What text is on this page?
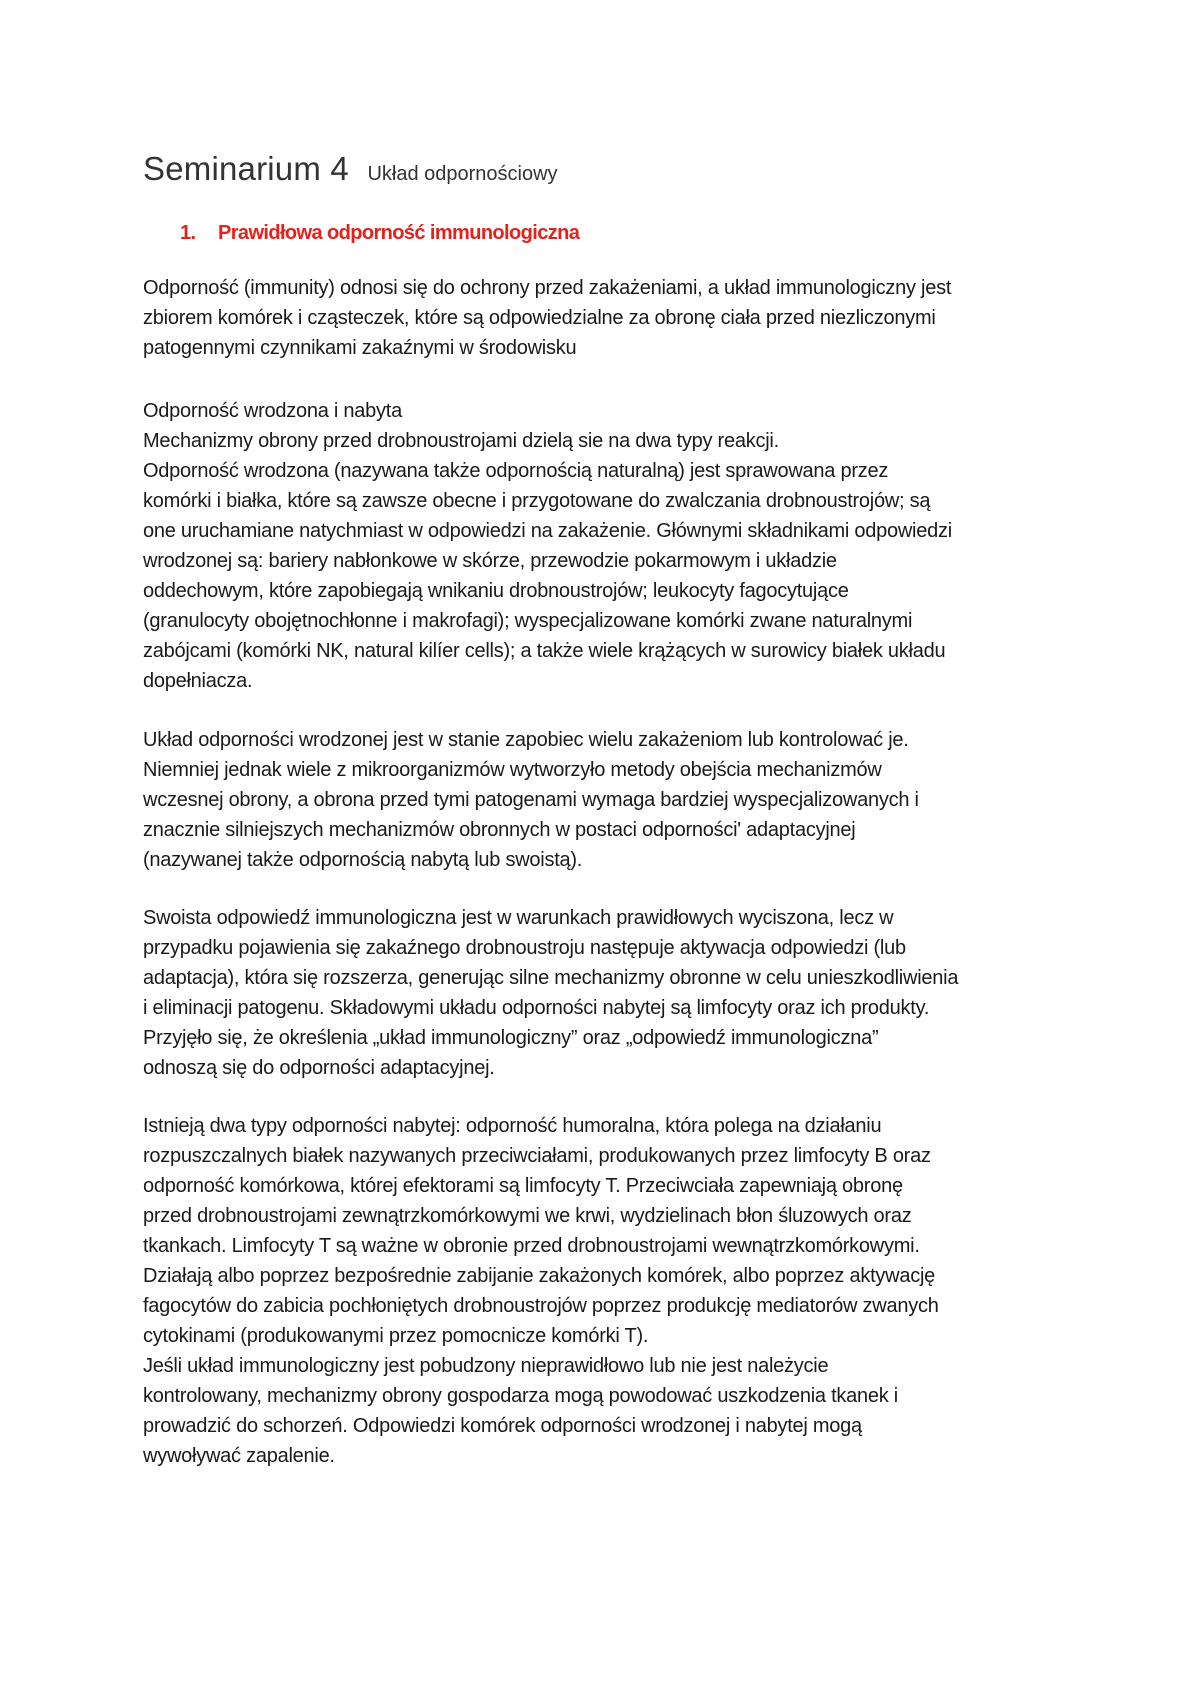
Seminarium 4 Układ odpornościowy
1. Prawidłowa odporność immunologiczna
Odporność (immunity) odnosi się do ochrony przed zakażeniami, a układ immunologiczny jest
zbiorem komórek i cząsteczek, które są odpowiedzialne za obronę ciała przed niezliczonymi
patogennymi czynnikami zakaźnymi w środowisku
Odporność wrodzona i nabyta
Mechanizmy obrony przed drobnoustrojami dzielą sie na dwa typy reakcji.
Odporność wrodzona (nazywana także odpornością naturalną) jest sprawowana przez
komórki i białka, które są zawsze obecne i przygotowane do zwalczania drobnoustrojów; są
one uruchamiane natychmiast w odpowiedzi na zakażenie. Głównymi składnikami odpowiedzi
wrodzonej są: bariery nabłonkowe w skórze, przewodzie pokarmowym i układzie
oddechowym, które zapobiegają wnikaniu drobnoustrojów; leukocyty fagocytujące
(granulocyty obojętnochłonne i makrofagi); wyspecjalizowane komórki zwane naturalnymi
zabójcami (komórki NK, natural kilíer cells); a także wiele krążących w surowicy białek układu
dopełniacza.
Układ odporności wrodzonej jest w stanie zapobiec wielu zakażeniom lub kontrolować je.
Niemniej jednak wiele z mikroorganizmów wytworzyło metody obejścia mechanizmów
wczesnej obrony, a obrona przed tymi patogenami wymaga bardziej wyspecjalizowanych i
znacznie silniejszych mechanizmów obronnych w postaci odporności' adaptacyjnej
(nazywanej także odpornością nabytą lub swoistą).
Swoista odpowiedź immunologiczna jest w warunkach prawidłowych wyciszona, lecz w
przypadku pojawienia się zakaźnego drobnoustroju następuje aktywacja odpowiedzi (lub
adaptacja), która się rozszerza, generując silne mechanizmy obronne w celu unieszkodliwienia
i eliminacji patogenu. Składowymi układu odporności nabytej są limfocyty oraz ich produkty.
Przyjęło się, że określenia „układ immunologiczny” oraz „odpowiedź immunologiczna”
odnoszą się do odporności adaptacyjnej.
Istnieją dwa typy odporności nabytej: odporność humoralna, która polega na działaniu
rozpuszczalnych białek nazywanych przeciwciałami, produkowanych przez limfocyty B oraz
odporność komórkowa, której efektorami są limfocyty T. Przeciwciała zapewniają obronę
przed drobnoustrojami zewnątrzkomórkowymi we krwi, wydzielinach błon śluzowych oraz
tkankach. Limfocyty T są ważne w obronie przed drobnoustrojami wewnątrzkomórkowymi.
Działają albo poprzez bezpośrednie zabijanie zakażonych komórek, albo poprzez aktywację
fagocytów do zabicia pochłoniętych drobnoustrojów poprzez produkcję mediatorów zwanych
cytokinami (produkowanymi przez pomocnicze komórki T).
Jeśli układ immunologiczny jest pobudzony nieprawidłowo lub nie jest należycie
kontrolowany, mechanizmy obrony gospodarza mogą powodować uszkodzenia tkanek i
prowadzić do schorzeń. Odpowiedzi komórek odporności wrodzonej i nabytej mogą
wywoływać zapalenie.
